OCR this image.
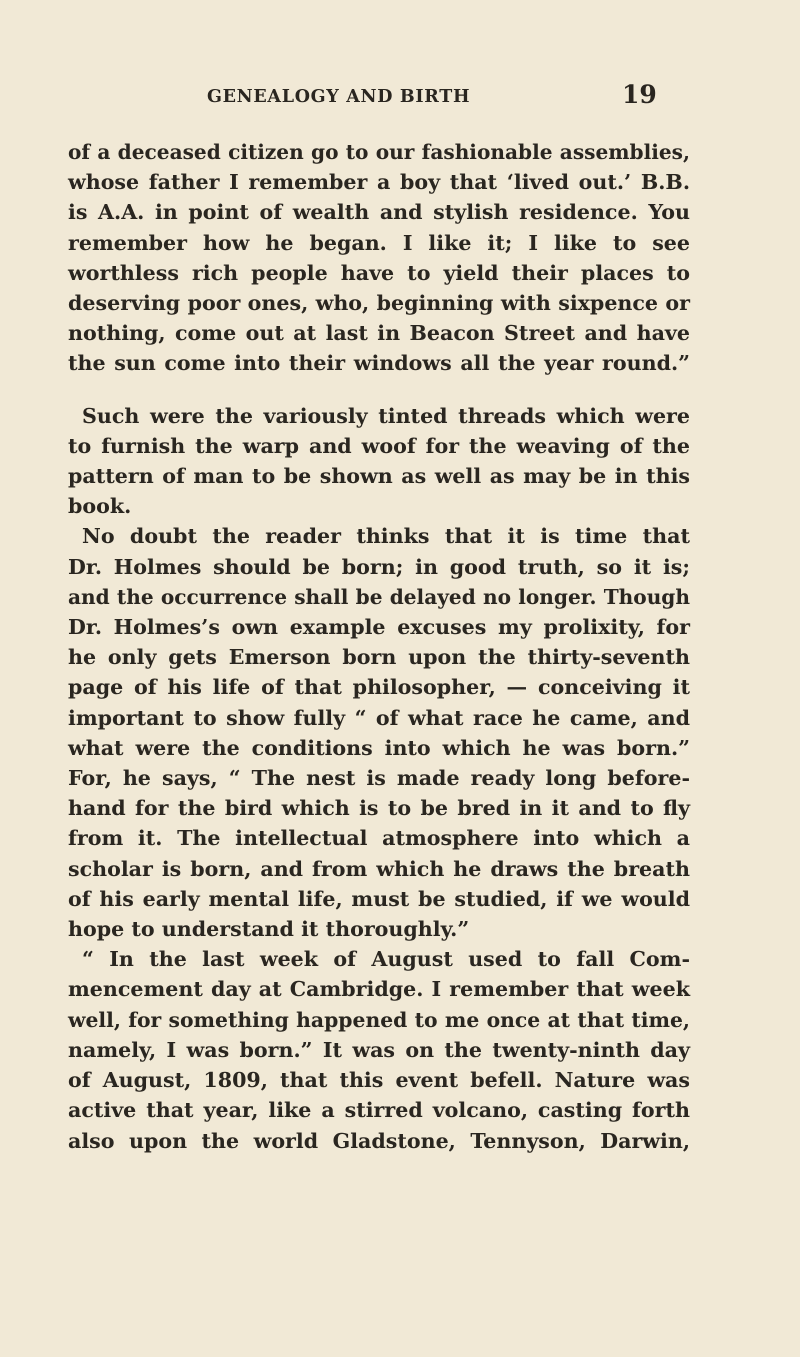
GENEALOGY AND BIRTH	19
of a deceased citizen go to our fashionable assemblies,
whose father I remember a boy that ‘lived out.’ B.B.
is A.A. in point of wealth and stylish residence. You
remember how he began. I like it; I like to see
worthless rich people have to yield their places to
deserving poor ones, who, beginning with sixpence or
nothing, come out at last in Beacon Street and have
the sun come into their windows all the year round.”
Such were the variously tinted threads which were
to furnish the warp and woof for the weaving of the
pattern of man to be shown as well as may be in this
book.
No doubt the reader thinks that it is time that
Dr. Holmes should be born; in good truth, so it is;
and the occurrence shall be delayed no longer. Though
Dr. Holmes’s own example excuses my prolixity, for
he only gets Emerson born upon the thirty-seventh
page of his life of that philosopher, — conceiving it
important to show fully “ of what race he came, and
what were the conditions into which he was born.”
For, he says, “ The nest is made ready long before-
hand for the bird which is to be bred in it and to fly
from it. The intellectual atmosphere into which a
scholar is born, and from which he draws the breath
of his early mental life, must be studied, if we would
hope to understand it thoroughly.”
“ In the last week of August used to fall Com-
mencement day at Cambridge. I remember that week
well, for something happened to me once at that time,
namely, I was born.” It was on the twenty-ninth day
of August, 1809, that this event befell. Nature was
active that year, like a stirred volcano, casting forth
also upon the world Gladstone, Tennyson, Darwin,
